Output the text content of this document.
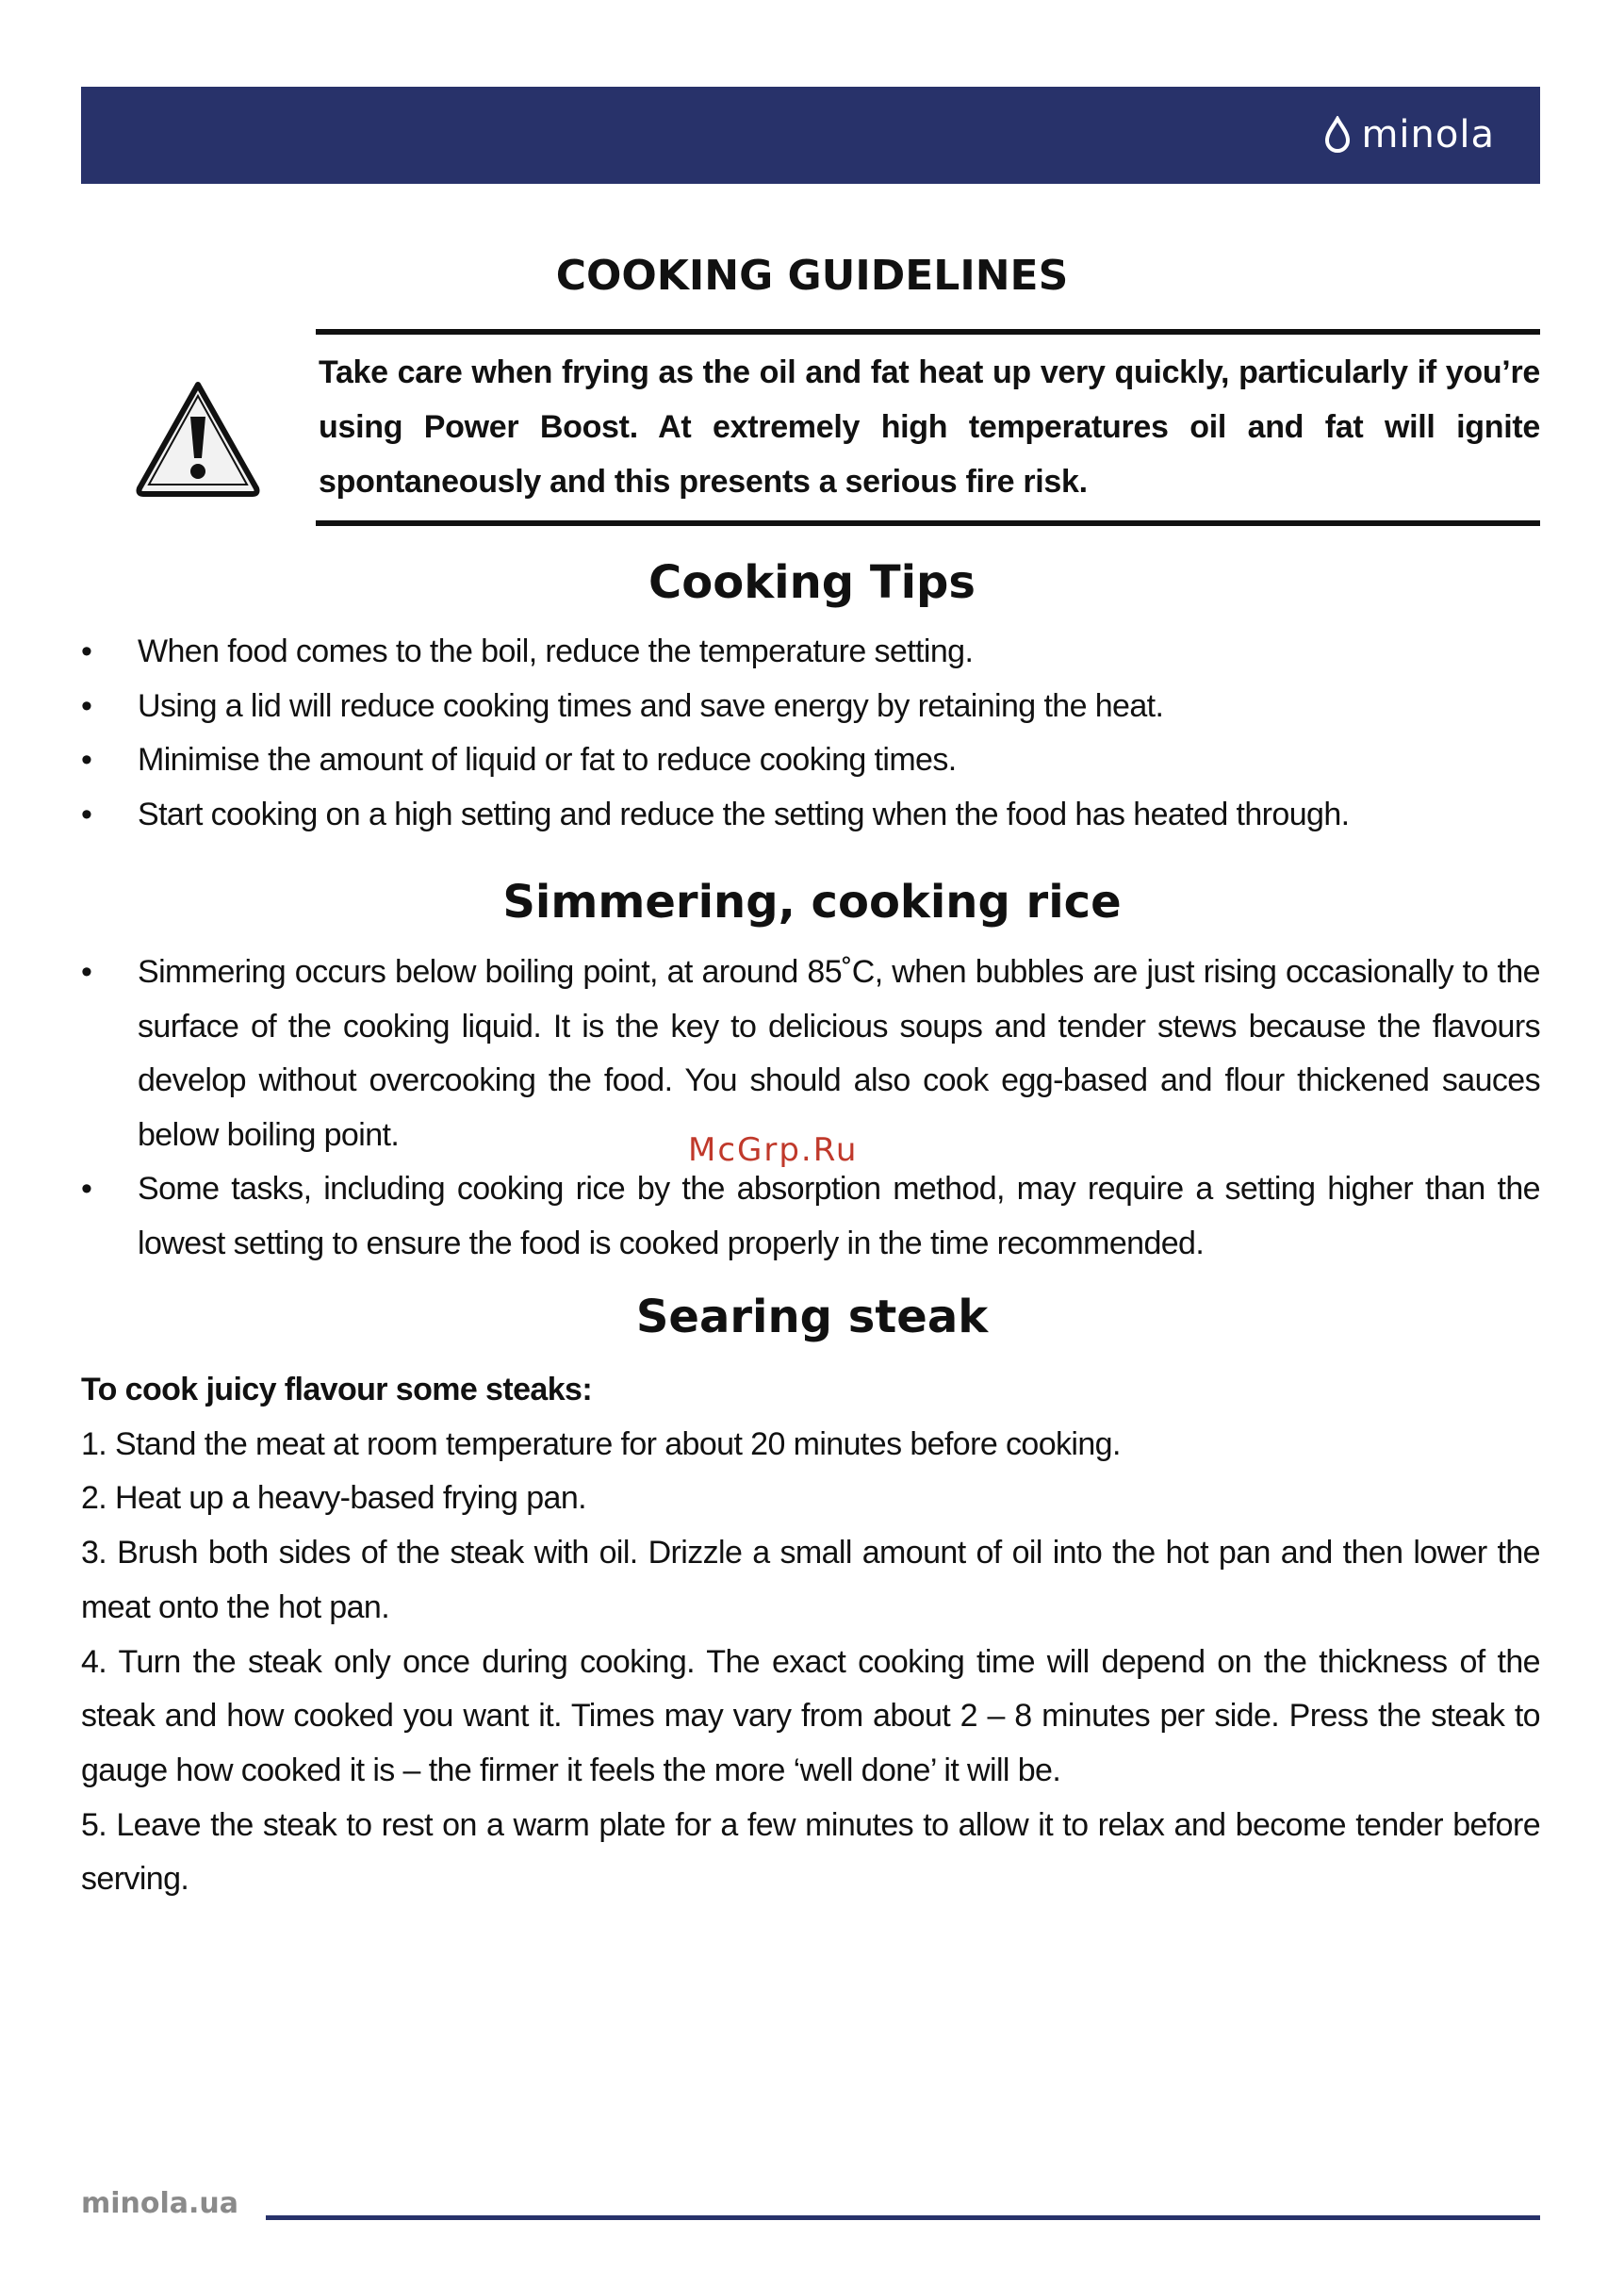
minola
COOKING GUIDELINES
Take care when frying as the oil and fat heat up very quickly, particularly if you’re using Power Boost. At extremely high temperatures oil and fat will ignite spontaneously and this presents a serious fire risk.
Cooking Tips
• When food comes to the boil, reduce the temperature setting.
• Using a lid will reduce cooking times and save energy by retaining the heat.
• Minimise the amount of liquid or fat to reduce cooking times.
• Start cooking on a high setting and reduce the setting when the food has heated through.
Simmering, cooking rice
• Simmering occurs below boiling point, at around 85˚C, when bubbles are just rising occasionally to the surface of the cooking liquid. It is the key to delicious soups and tender stews because the flavours develop without overcooking the food. You should also cook egg-based and flour thickened sauces below boiling point.
• Some tasks, including cooking rice by the absorption method, may require a setting higher than the lowest setting to ensure the food is cooked properly in the time recommended.
McGrp.Ru
Searing steak
To cook juicy flavour some steaks:

1. Stand the meat at room temperature for about 20 minutes before cooking.

2. Heat up a heavy-based frying pan.

3. Brush both sides of the steak with oil. Drizzle a small amount of oil into the hot pan and then lower the meat onto the hot pan.

4. Turn the steak only once during cooking. The exact cooking time will depend on the thickness of the steak and how cooked you want it. Times may vary from about 2 – 8 minutes per side. Press the steak to gauge how cooked it is – the firmer it feels the more ‘well done’ it will be.

5. Leave the steak to rest on a warm plate for a few minutes to allow it to relax and become tender before serving.

minola.ua
